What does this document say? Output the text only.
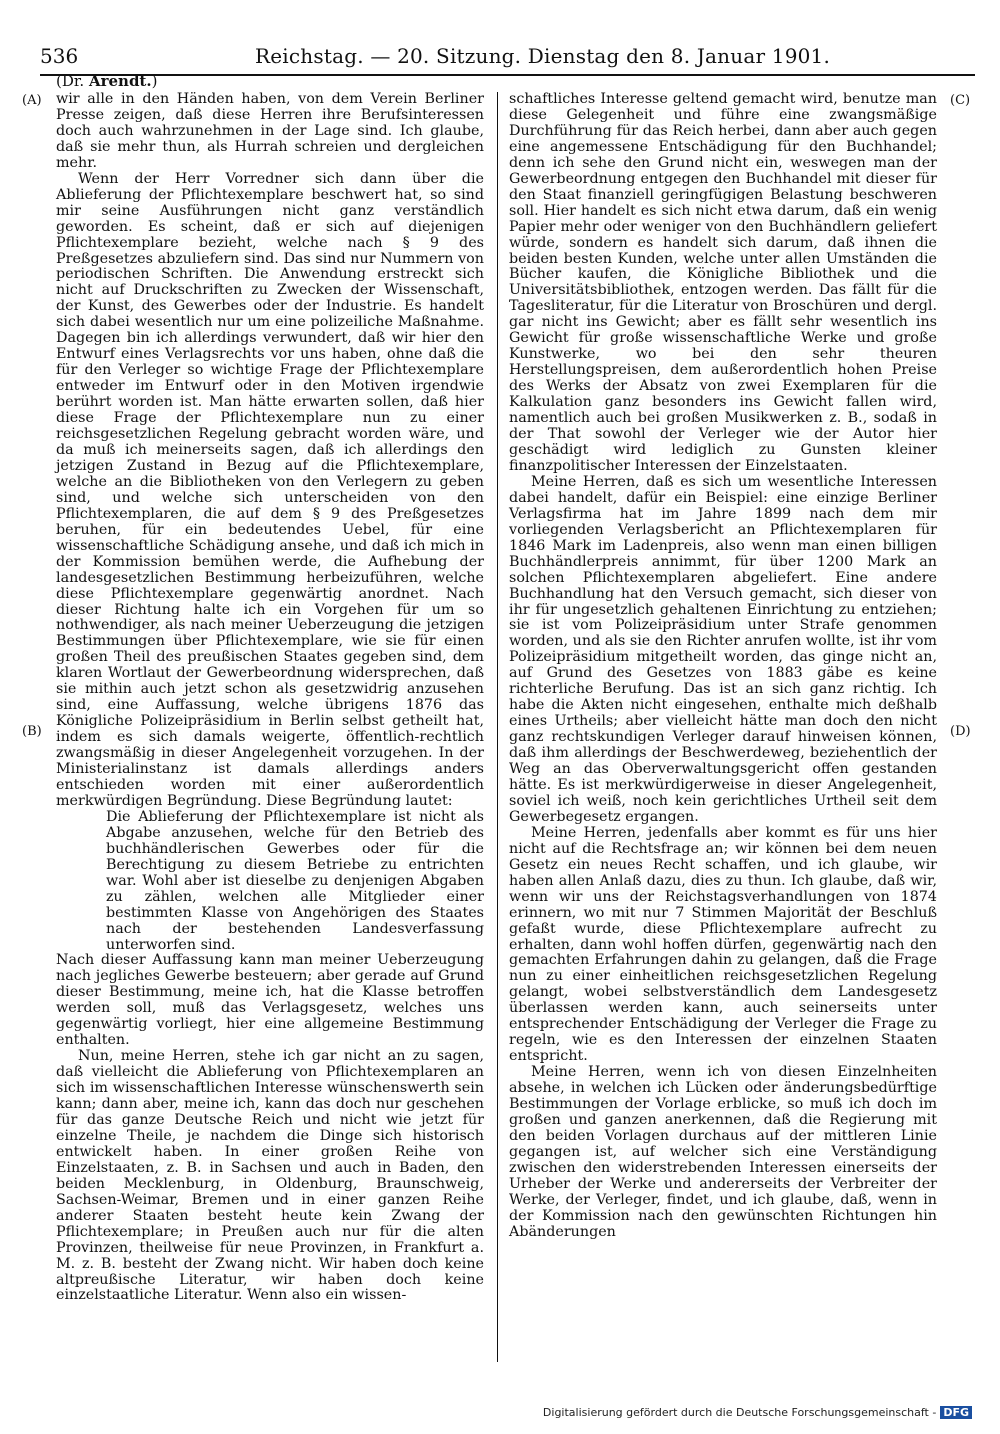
536	Reichstag. — 20. Sitzung. Dienstag den 8. Januar 1901.
(Dr. Arendt.)
(A)
(B)
(C)
(D)

wir alle in den Händen haben, von dem Verein Berliner Presse zeigen, daß diese Herren ihre Berufsinteressen doch auch wahrzunehmen in der Lage sind. Ich glaube, daß sie mehr thun, als Hurrah schreien und dergleichen mehr.

Wenn der Herr Vorredner sich dann über die Ablieferung der Pflichtexemplare beschwert hat, so sind mir seine Ausführungen nicht ganz verständlich geworden. Es scheint, daß er sich auf diejenigen Pflichtexemplare bezieht, welche nach § 9 des Preßgesetzes abzuliefern sind. Das sind nur Nummern von periodischen Schriften. Die Anwendung erstreckt sich nicht auf Druckschriften zu Zwecken der Wissenschaft, der Kunst, des Gewerbes oder der Industrie. Es handelt sich dabei wesentlich nur um eine polizeiliche Maßnahme. Dagegen bin ich allerdings verwundert, daß wir hier den Entwurf eines Verlagsrechts vor uns haben, ohne daß die für den Verleger so wichtige Frage der Pflichtexemplare entweder im Entwurf oder in den Motiven irgendwie berührt worden ist. Man hätte erwarten sollen, daß hier diese Frage der Pflichtexemplare nun zu einer reichsgesetzlichen Regelung gebracht worden wäre, und da muß ich meinerseits sagen, daß ich allerdings den jetzigen Zustand in Bezug auf die Pflichtexemplare, welche an die Bibliotheken von den Verlegern zu geben sind, und welche sich unterscheiden von den Pflichtexemplaren, die auf dem § 9 des Preßgesetzes beruhen, für ein bedeutendes Uebel, für eine wissenschaftliche Schädigung ansehe, und daß ich mich in der Kommission bemühen werde, die Aufhebung der landesgesetzlichen Bestimmung herbeizuführen, welche diese Pflichtexemplare gegenwärtig anordnet. Nach dieser Richtung halte ich ein Vorgehen für um so nothwendiger, als nach meiner Ueberzeugung die jetzigen Bestimmungen über Pflichtexemplare, wie sie für einen großen Theil des preußischen Staates gegeben sind, dem klaren Wortlaut der Gewerbeordnung widersprechen, daß sie mithin auch jetzt schon als gesetzwidrig anzusehen sind, eine Auffassung, welche übrigens 1876 das Königliche Polizeipräsidium in Berlin selbst getheilt hat, indem es sich damals weigerte, öffentlich-rechtlich zwangsmäßig in dieser Angelegenheit vorzugehen. In der Ministerialinstanz ist damals allerdings anders entschieden worden mit einer außerordentlich merkwürdigen Begründung. Diese Begründung lautet:

Die Ablieferung der Pflichtexemplare ist nicht als Abgabe anzusehen, welche für den Betrieb des buchhändlerischen Gewerbes oder für die Berechtigung zu diesem Betriebe zu entrichten war. Wohl aber ist dieselbe zu denjenigen Abgaben zu zählen, welchen alle Mitglieder einer bestimmten Klasse von Angehörigen des Staates nach der bestehenden Landesverfassung unterworfen sind.

Nach dieser Auffassung kann man meiner Ueberzeugung nach jegliches Gewerbe besteuern; aber gerade auf Grund dieser Bestimmung, meine ich, hat die Klasse betroffen werden soll, muß das Verlagsgesetz, welches uns gegenwärtig vorliegt, hier eine allgemeine Bestimmung enthalten.

Nun, meine Herren, stehe ich gar nicht an zu sagen, daß vielleicht die Ablieferung von Pflichtexemplaren an sich im wissenschaftlichen Interesse wünschenswerth sein kann; dann aber, meine ich, kann das doch nur geschehen für das ganze Deutsche Reich und nicht wie jetzt für einzelne Theile, je nachdem die Dinge sich historisch entwickelt haben. In einer großen Reihe von Einzelstaaten, z. B. in Sachsen und auch in Baden, den beiden Mecklenburg, in Oldenburg, Braunschweig, Sachsen-Weimar, Bremen und in einer ganzen Reihe anderer Staaten besteht heute kein Zwang der Pflichtexemplare; in Preußen auch nur für die alten Provinzen, theilweise für neue Provinzen, in Frankfurt a. M. z. B. besteht der Zwang nicht. Wir haben doch keine altpreußische Literatur, wir haben doch keine einzelstaatliche Literatur. Wenn also ein wissen-

schaftliches Interesse geltend gemacht wird, benutze man diese Gelegenheit und führe eine zwangsmäßige Durchführung für das Reich herbei, dann aber auch gegen eine angemessene Entschädigung für den Buchhandel; denn ich sehe den Grund nicht ein, weswegen man der Gewerbeordnung entgegen den Buchhandel mit dieser für den Staat finanziell geringfügigen Belastung beschweren soll. Hier handelt es sich nicht etwa darum, daß ein wenig Papier mehr oder weniger von den Buchhändlern geliefert würde, sondern es handelt sich darum, daß ihnen die beiden besten Kunden, welche unter allen Umständen die Bücher kaufen, die Königliche Bibliothek und die Universitätsbibliothek, entzogen werden. Das fällt für die Tagesliteratur, für die Literatur von Broschüren und dergl. gar nicht ins Gewicht; aber es fällt sehr wesentlich ins Gewicht für große wissenschaftliche Werke und große Kunstwerke, wo bei den sehr theuren Herstellungspreisen, dem außerordentlich hohen Preise des Werks der Absatz von zwei Exemplaren für die Kalkulation ganz besonders ins Gewicht fallen wird, namentlich auch bei großen Musikwerken z. B., sodaß in der That sowohl der Verleger wie der Autor hier geschädigt wird lediglich zu Gunsten kleiner finanzpolitischer Interessen der Einzelstaaten.

Meine Herren, daß es sich um wesentliche Interessen dabei handelt, dafür ein Beispiel: eine einzige Berliner Verlagsfirma hat im Jahre 1899 nach dem mir vorliegenden Verlagsbericht an Pflichtexemplaren für 1846 Mark im Ladenpreis, also wenn man einen billigen Buchhändlerpreis annimmt, für über 1200 Mark an solchen Pflichtexemplaren abgeliefert. Eine andere Buchhandlung hat den Versuch gemacht, sich dieser von ihr für ungesetzlich gehaltenen Einrichtung zu entziehen; sie ist vom Polizeipräsidium unter Strafe genommen worden, und als sie den Richter anrufen wollte, ist ihr vom Polizeipräsidium mitgetheilt worden, das ginge nicht an, auf Grund des Gesetzes von 1883 gäbe es keine richterliche Berufung. Das ist an sich ganz richtig. Ich habe die Akten nicht eingesehen, enthalte mich deßhalb eines Urtheils; aber vielleicht hätte man doch den nicht ganz rechtskundigen Verleger darauf hinweisen können, daß ihm allerdings der Beschwerdeweg, beziehentlich der Weg an das Oberverwaltungsgericht offen gestanden hätte. Es ist merkwürdigerweise in dieser Angelegenheit, soviel ich weiß, noch kein gerichtliches Urtheil seit dem Gewerbegesetz ergangen.

Meine Herren, jedenfalls aber kommt es für uns hier nicht auf die Rechtsfrage an; wir können bei dem neuen Gesetz ein neues Recht schaffen, und ich glaube, wir haben allen Anlaß dazu, dies zu thun. Ich glaube, daß wir, wenn wir uns der Reichstagsverhandlungen von 1874 erinnern, wo mit nur 7 Stimmen Majorität der Beschluß gefaßt wurde, diese Pflichtexemplare aufrecht zu erhalten, dann wohl hoffen dürfen, gegenwärtig nach den gemachten Erfahrungen dahin zu gelangen, daß die Frage nun zu einer einheitlichen reichsgesetzlichen Regelung gelangt, wobei selbstverständlich dem Landesgesetz überlassen werden kann, auch seinerseits unter entsprechender Entschädigung der Verleger die Frage zu regeln, wie es den Interessen der einzelnen Staaten entspricht.

Meine Herren, wenn ich von diesen Einzelnheiten absehe, in welchen ich Lücken oder änderungsbedürftige Bestimmungen der Vorlage erblicke, so muß ich doch im großen und ganzen anerkennen, daß die Regierung mit den beiden Vorlagen durchaus auf der mittleren Linie gegangen ist, auf welcher sich eine Verständigung zwischen den widerstrebenden Interessen einerseits der Urheber der Werke und andererseits der Verbreiter der Werke, der Verleger, findet, und ich glaube, daß, wenn in der Kommission nach den gewünschten Richtungen hin Abänderungen

Digitalisierung gefördert durch die Deutsche Forschungsgemeinschaft - DFG
